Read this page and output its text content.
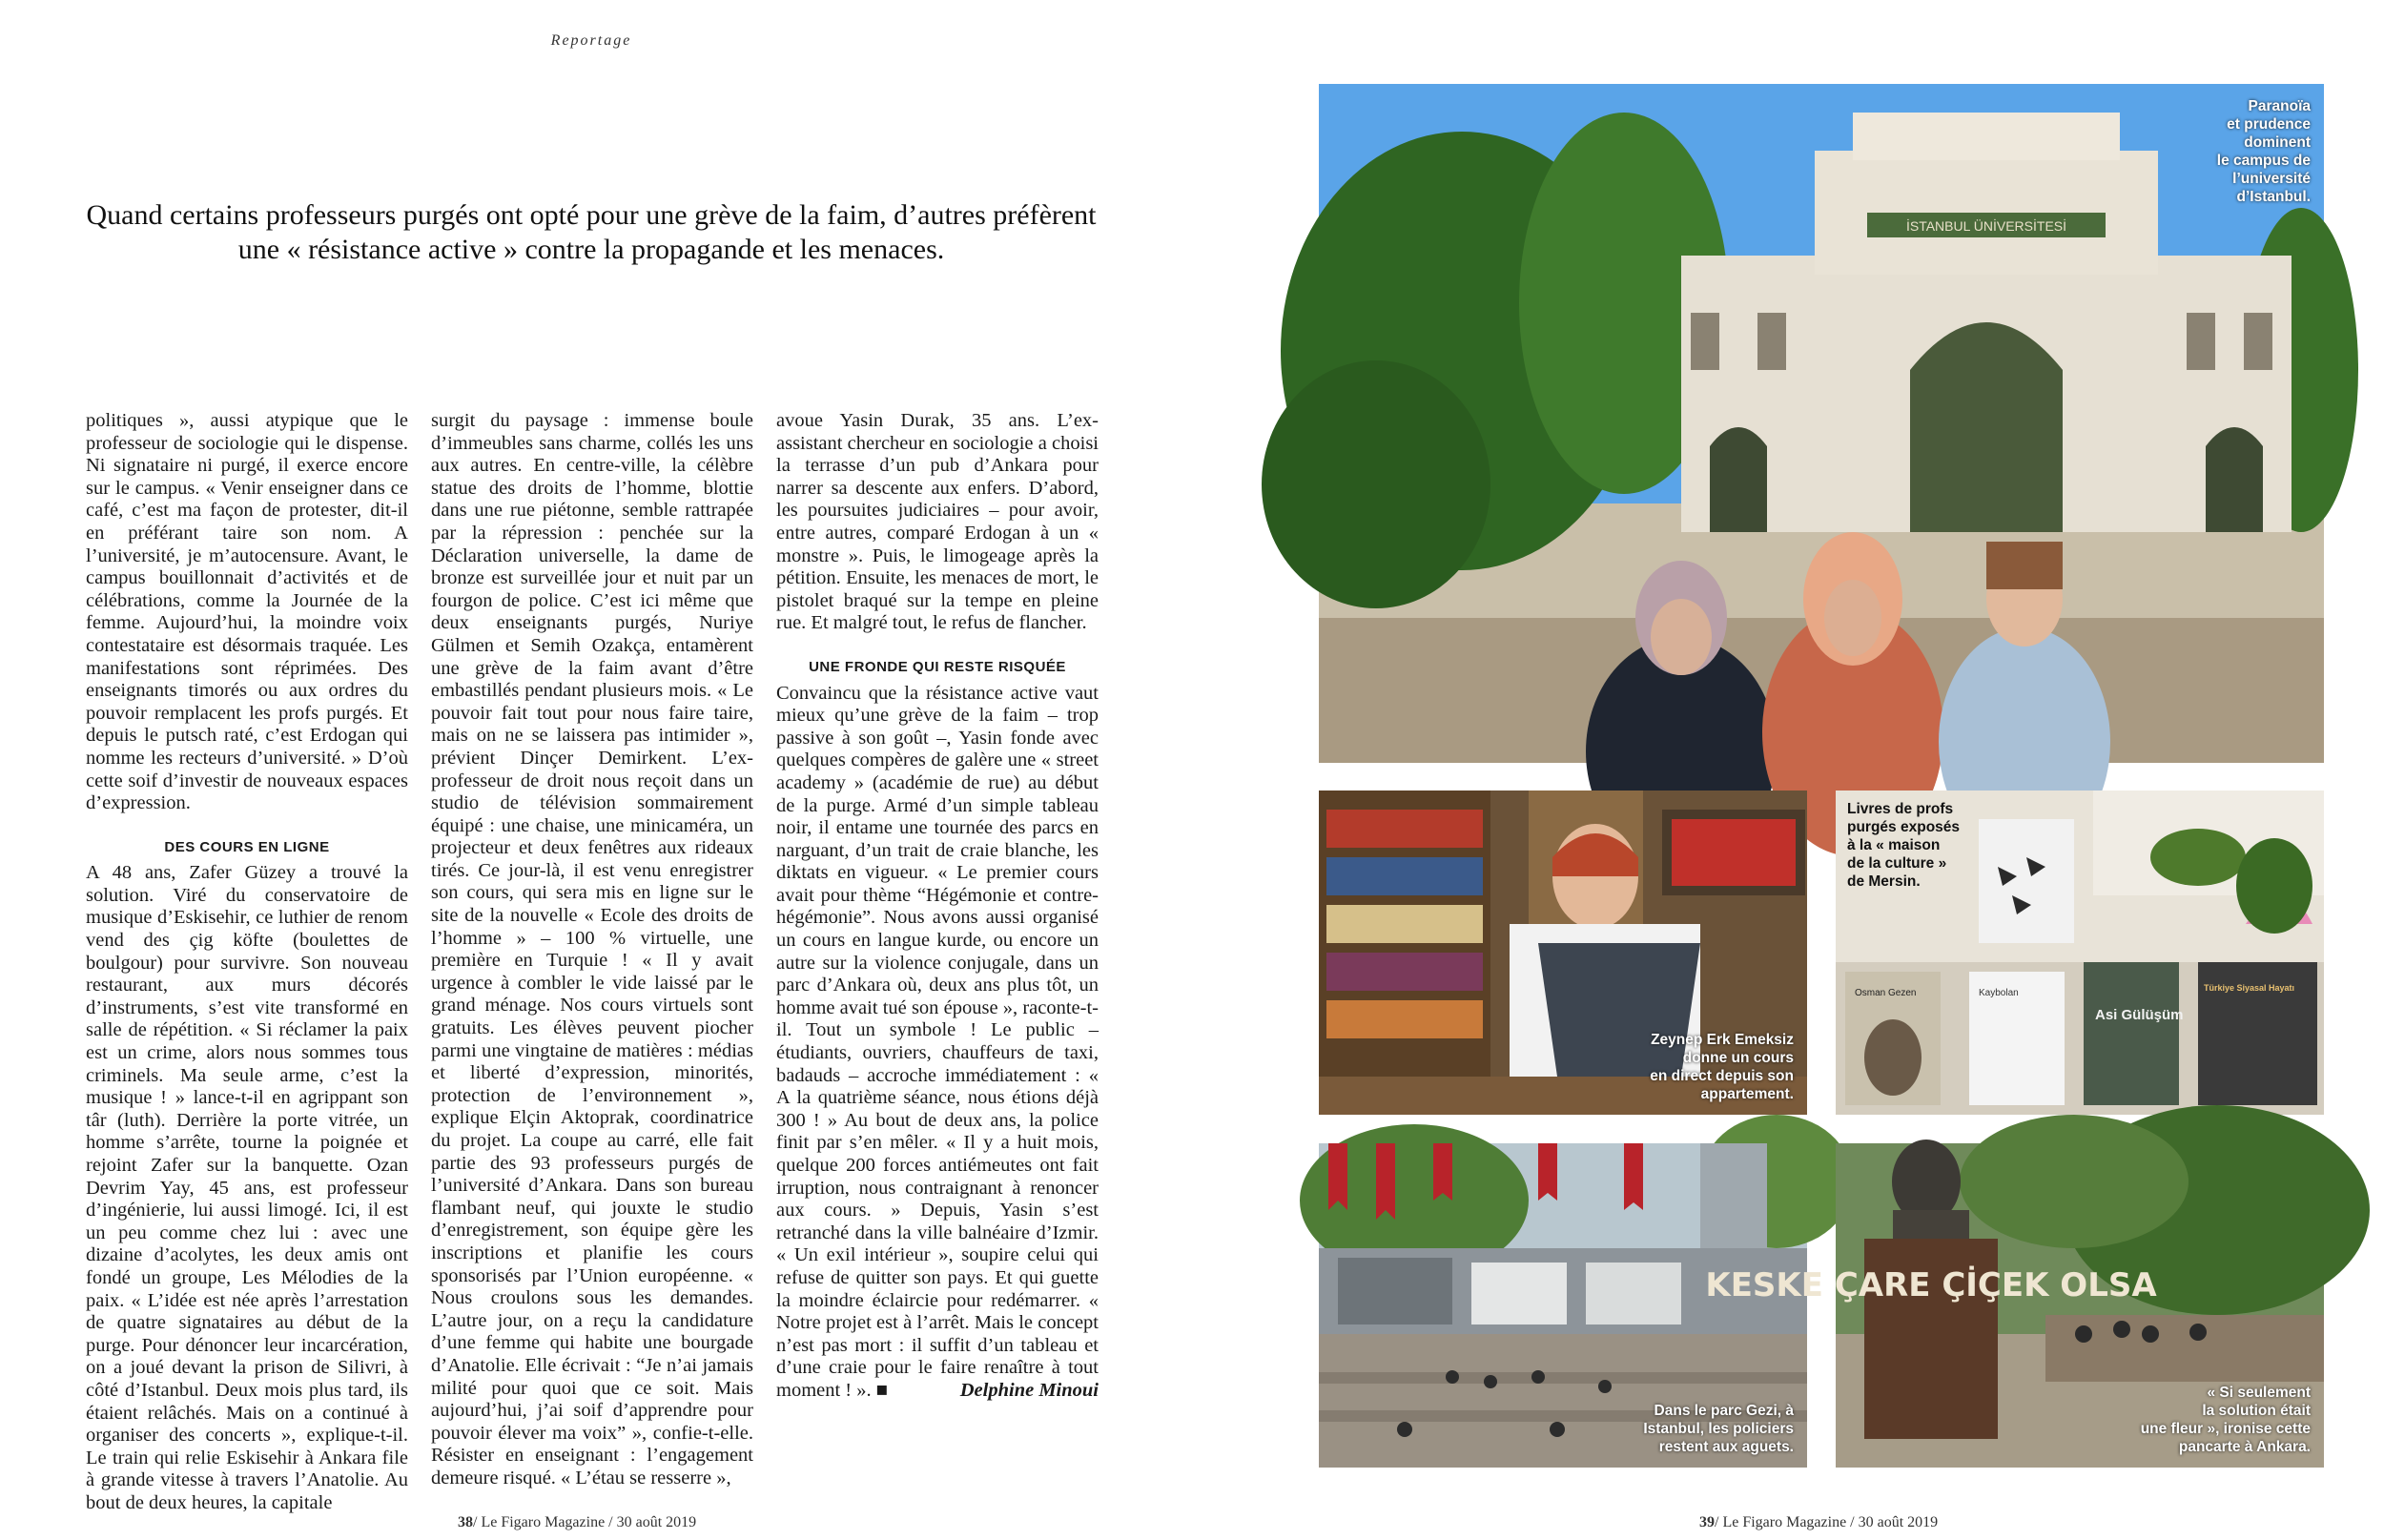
Reportage
Quand certains professeurs purgés ont opté pour une grève de la faim, d’autres préfèrent une « résistance active » contre la propagande et les menaces.

politiques », aussi atypique que le professeur de sociologie qui le dispense. Ni signataire ni purgé, il exerce encore sur le campus. « Venir enseigner dans ce café, c’est ma façon de protester, dit-il en préférant taire son nom. A l’université, je m’autocensure. Avant, le campus bouillonnait d’activités et de célébrations, comme la Journée de la femme. Aujourd’hui, la moindre voix contestataire est désormais traquée. Les manifestations sont réprimées. Des enseignants timorés ou aux ordres du pouvoir remplacent les profs purgés. Et depuis le putsch raté, c’est Erdogan qui nomme les recteurs d’université. » D’où cette soif d’investir de nouveaux espaces d’expression.

DES COURS EN LIGNE

A 48 ans, Zafer Güzey a trouvé la solution. Viré du conservatoire de musique d’Eskisehir, ce luthier de renom vend des çig köfte (boulettes de boulgour) pour survivre. Son nouveau restaurant, aux murs décorés d’instruments, s’est vite transformé en salle de répétition. « Si réclamer la paix est un crime, alors nous sommes tous criminels. Ma seule arme, c’est la musique ! » lance-t-il en agrippant son târ (luth). Derrière la porte vitrée, un homme s’arrête, tourne la poignée et rejoint Zafer sur la banquette. Ozan Devrim Yay, 45 ans, est professeur d’ingénierie, lui aussi limogé. Ici, il est un peu comme chez lui : avec une dizaine d’acolytes, les deux amis ont fondé un groupe, Les Mélodies de la paix. « L’idée est née après l’arrestation de quatre signataires au début de la purge. Pour dénoncer leur incarcération, on a joué devant la prison de Silivri, à côté d’Istanbul. Deux mois plus tard, ils étaient relâchés. Mais on a continué à organiser des concerts », explique-t-il. Le train qui relie Eskisehir à Ankara file à grande vitesse à travers l’Anatolie. Au bout de deux heures, la capitale

surgit du paysage : immense boule d’immeubles sans charme, collés les uns aux autres. En centre-ville, la célèbre statue des droits de l’homme, blottie dans une rue piétonne, semble rattrapée par la répression : penchée sur la Déclaration universelle, la dame de bronze est surveillée jour et nuit par un fourgon de police. C’est ici même que deux enseignants purgés, Nuriye Gülmen et Semih Ozakça, entamèrent une grève de la faim avant d’être embastillés pendant plusieurs mois. « Le pouvoir fait tout pour nous faire taire, mais on ne se laissera pas intimider », prévient Dinçer Demirkent. L’ex-professeur de droit nous reçoit dans un studio de télévision sommairement équipé : une chaise, une minicaméra, un projecteur et deux fenêtres aux rideaux tirés. Ce jour-là, il est venu enregistrer son cours, qui sera mis en ligne sur le site de la nouvelle « Ecole des droits de l’homme » – 100 % virtuelle, une première en Turquie ! « Il y avait urgence à combler le vide laissé par le grand ménage. Nos cours virtuels sont gratuits. Les élèves peuvent piocher parmi une vingtaine de matières : médias et liberté d’expression, minorités, protection de l’environnement », explique Elçin Aktoprak, coordinatrice du projet. La coupe au carré, elle fait partie des 93 professeurs purgés de l’université d’Ankara. Dans son bureau flambant neuf, qui jouxte le studio d’enregistrement, son équipe gère les inscriptions et planifie les cours sponsorisés par l’Union européenne. « Nous croulons sous les demandes. L’autre jour, on a reçu la candidature d’une femme qui habite une bourgade d’Anatolie. Elle écrivait : “Je n’ai jamais milité pour quoi que ce soit. Mais aujourd’hui, j’ai soif d’apprendre pour pouvoir élever ma voix” », confie-t-elle. Résister en enseignant : l’engagement demeure risqué. « L’étau se resserre »,

avoue Yasin Durak, 35 ans. L’ex-assistant chercheur en sociologie a choisi la terrasse d’un pub d’Ankara pour narrer sa descente aux enfers. D’abord, les poursuites judiciaires – pour avoir, entre autres, comparé Erdogan à un « monstre ». Puis, le limogeage après la pétition. Ensuite, les menaces de mort, le pistolet braqué sur la tempe en pleine rue. Et malgré tout, le refus de flancher.

UNE FRONDE QUI RESTE RISQUÉE

Convaincu que la résistance active vaut mieux qu’une grève de la faim – trop passive à son goût –, Yasin fonde avec quelques compères de galère une « street academy » (académie de rue) au début de la purge. Armé d’un simple tableau noir, il entame une tournée des parcs en narguant, d’un trait de craie blanche, les diktats en vigueur. « Le premier cours avait pour thème “Hégémonie et contre-hégémonie”. Nous avons aussi organisé un cours en langue kurde, ou encore un autre sur la violence conjugale, dans un parc d’Ankara où, deux ans plus tôt, un homme avait tué son épouse », raconte-t-il. Tout un symbole ! Le public – étudiants, ouvriers, chauffeurs de taxi, badauds – accroche immédiatement : « A la quatrième séance, nous étions déjà 300 ! » Au bout de deux ans, la police finit par s’en mêler. « Il y a huit mois, quelque 200 forces antiémeutes ont fait irruption, nous contraignant à renoncer aux cours. » Depuis, Yasin s’est retranché dans la ville balnéaire d’Izmir. « Un exil intérieur », soupire celui qui refuse de quitter son pays. Et qui guette la moindre éclaircie pour redémarrer. « Notre projet est à l’arrêt. Mais le concept n’est pas mort : il suffit d’un tableau et d’une craie pour le faire renaître à tout moment ! ». ■	Delphine Minoui

38/ Le Figaro Magazine / 30 août 2019
İSTANBUL ÜNİVERSİTESİ
Paranoïa
et prudence
dominent
le campus de
l’université
d’Istanbul.
Zeynep Erk Emeksiz
donne un cours
en direct depuis son
appartement.
Osman Gezen	Kaybolan
Asi Gülüşüm
Türkiye Siyasal Hayatı
Livres de profs
purgés exposés
à la « maison
de la culture »
de Mersin.
Dans le parc Gezi, à
Istanbul, les policiers
restent aux aguets.
KESKE ÇARE ÇİÇEK OLSA
« Si seulement
la solution était
une fleur », ironise cette
pancarte à Ankara.
39/ Le Figaro Magazine / 30 août 2019
